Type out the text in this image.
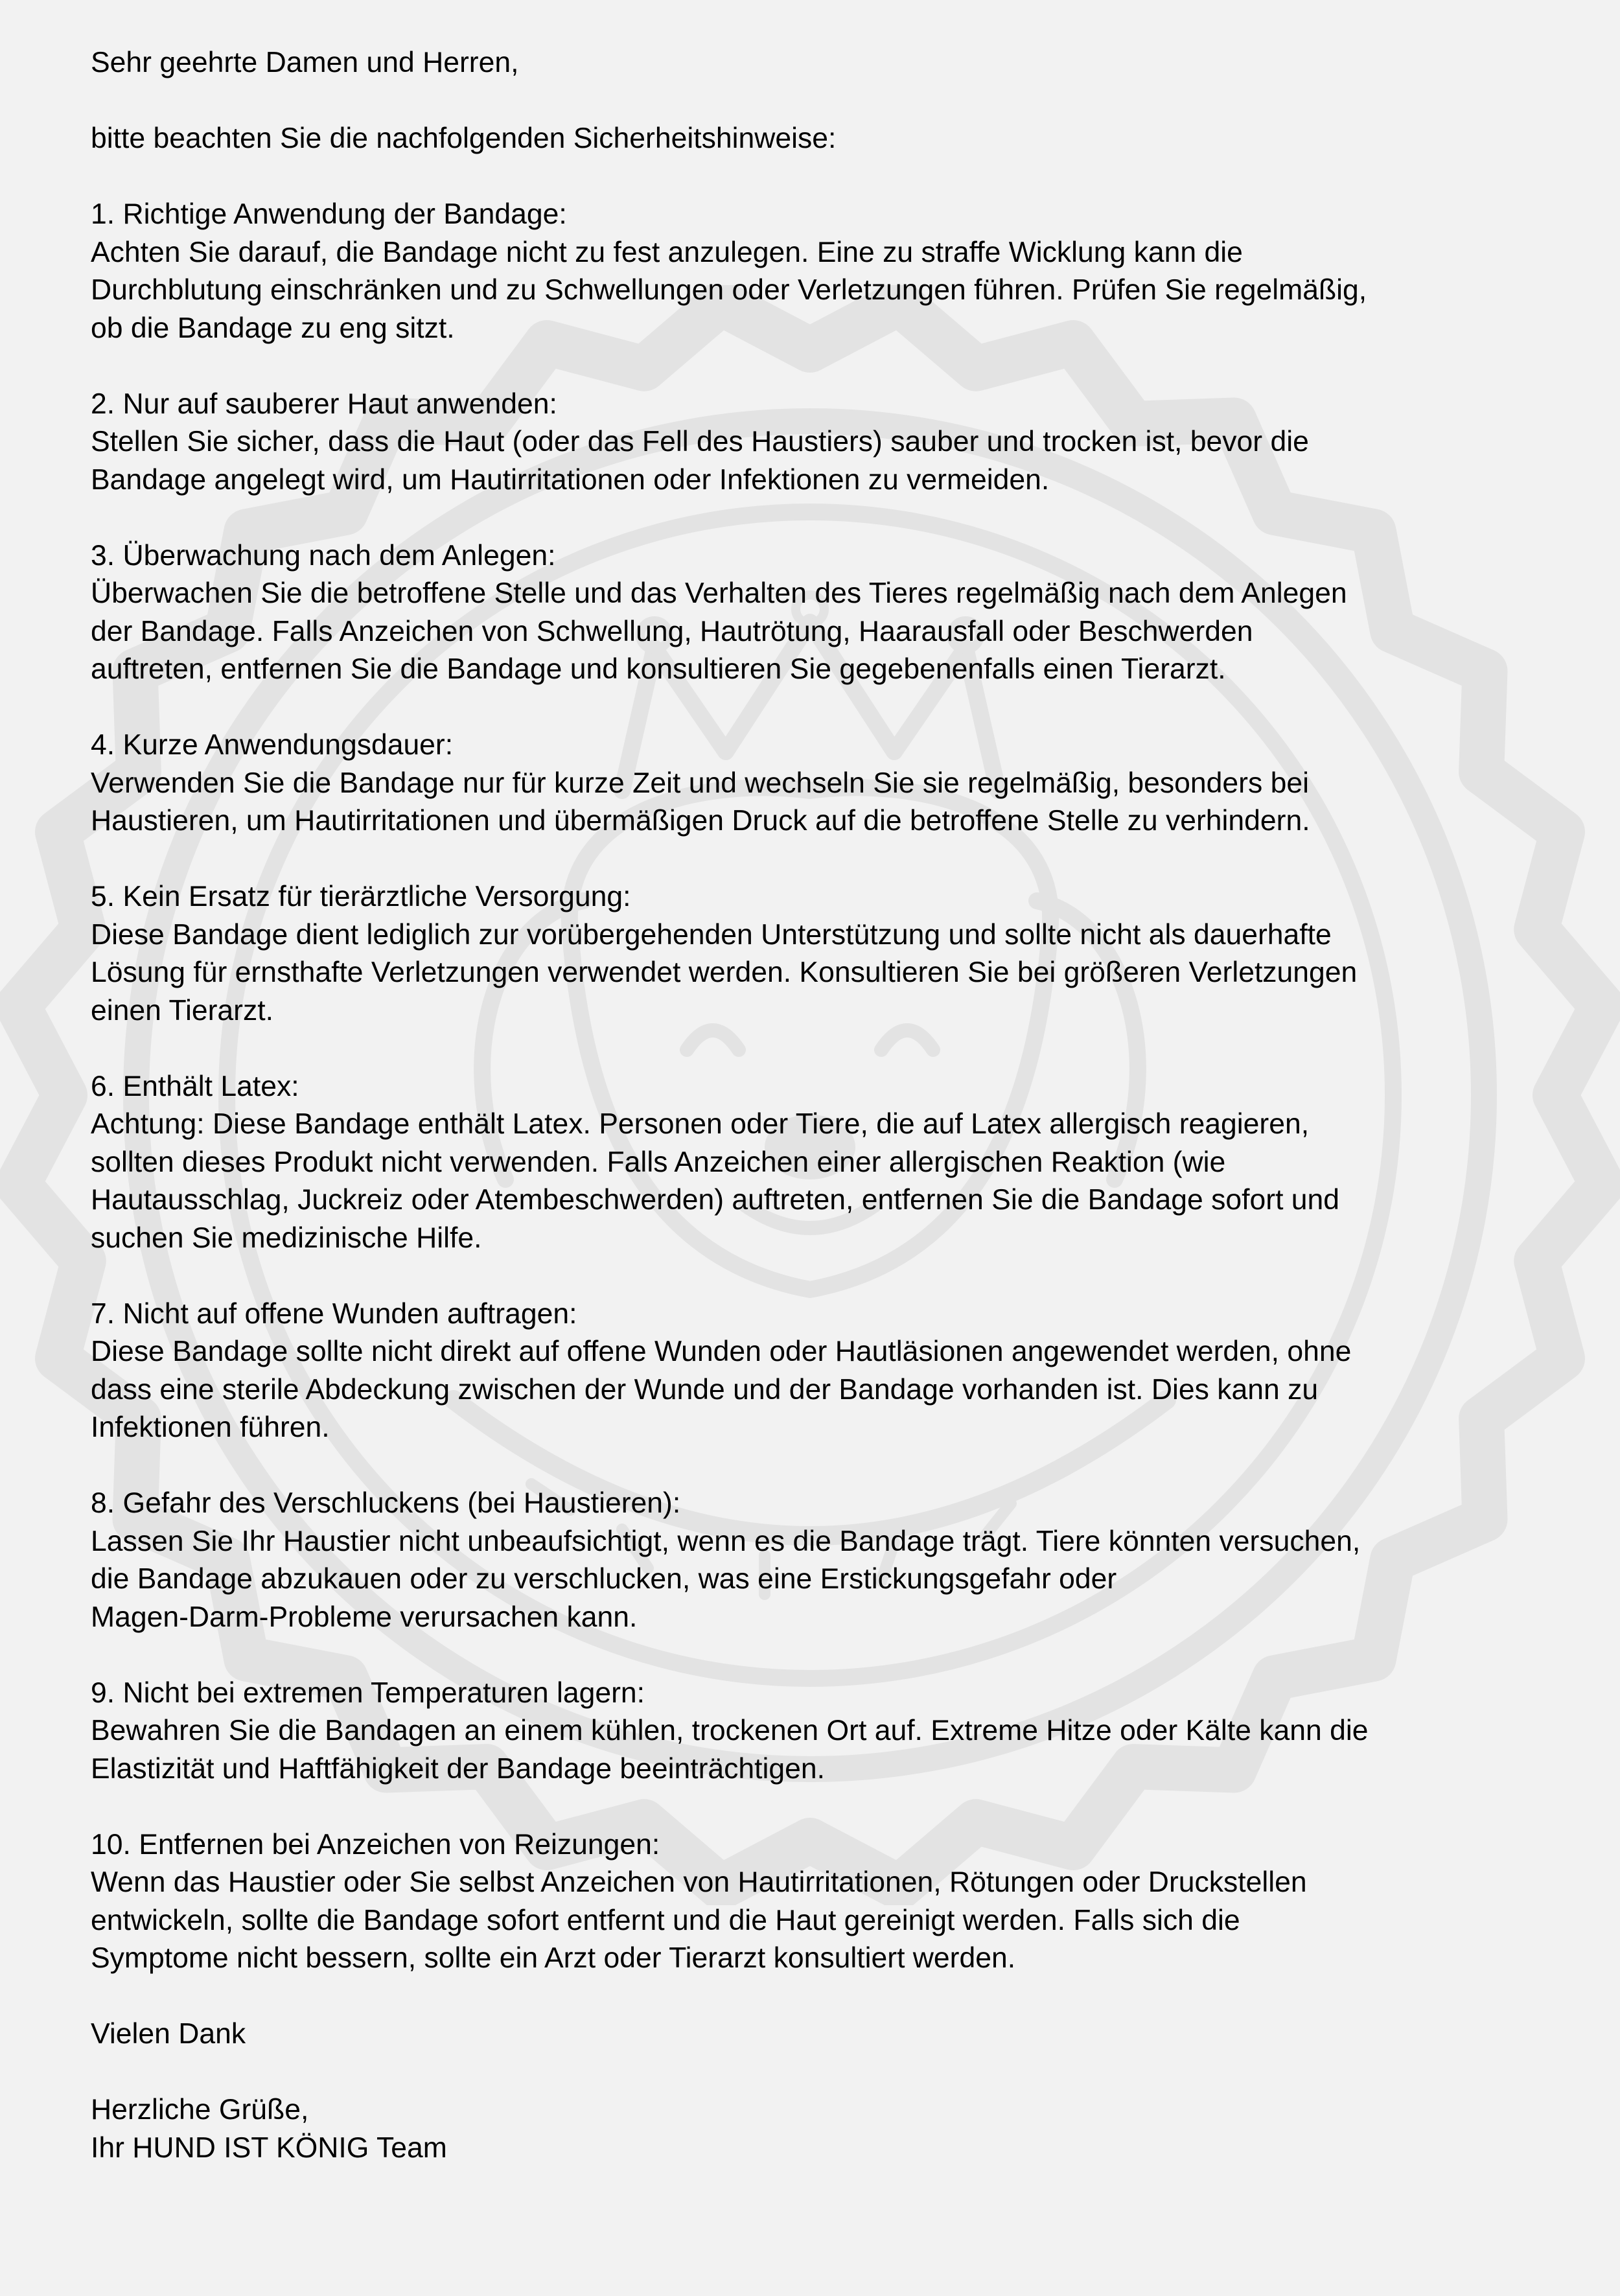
Sehr geehrte Damen und Herren,

bitte beachten Sie die nachfolgenden Sicherheitshinweise:

1. Richtige Anwendung der Bandage:
Achten Sie darauf, die Bandage nicht zu fest anzulegen. Eine zu straffe Wicklung kann die
Durchblutung einschränken und zu Schwellungen oder Verletzungen führen. Prüfen Sie regelmäßig,
ob die Bandage zu eng sitzt.
2. Nur auf sauberer Haut anwenden:
Stellen Sie sicher, dass die Haut (oder das Fell des Haustiers) sauber und trocken ist, bevor die
Bandage angelegt wird, um Hautirritationen oder Infektionen zu vermeiden.
3. Überwachung nach dem Anlegen:
Überwachen Sie die betroffene Stelle und das Verhalten des Tieres regelmäßig nach dem Anlegen
der Bandage. Falls Anzeichen von Schwellung, Hautrötung, Haarausfall oder Beschwerden
auftreten, entfernen Sie die Bandage und konsultieren Sie gegebenenfalls einen Tierarzt.
4. Kurze Anwendungsdauer:
Verwenden Sie die Bandage nur für kurze Zeit und wechseln Sie sie regelmäßig, besonders bei
Haustieren, um Hautirritationen und übermäßigen Druck auf die betroffene Stelle zu verhindern.
5. Kein Ersatz für tierärztliche Versorgung:
Diese Bandage dient lediglich zur vorübergehenden Unterstützung und sollte nicht als dauerhafte
Lösung für ernsthafte Verletzungen verwendet werden. Konsultieren Sie bei größeren Verletzungen
einen Tierarzt.
6. Enthält Latex:
Achtung: Diese Bandage enthält Latex. Personen oder Tiere, die auf Latex allergisch reagieren,
sollten dieses Produkt nicht verwenden. Falls Anzeichen einer allergischen Reaktion (wie
Hautausschlag, Juckreiz oder Atembeschwerden) auftreten, entfernen Sie die Bandage sofort und
suchen Sie medizinische Hilfe.
7. Nicht auf offene Wunden auftragen:
Diese Bandage sollte nicht direkt auf offene Wunden oder Hautläsionen angewendet werden, ohne
dass eine sterile Abdeckung zwischen der Wunde und der Bandage vorhanden ist. Dies kann zu
Infektionen führen.
8. Gefahr des Verschluckens (bei Haustieren):
Lassen Sie Ihr Haustier nicht unbeaufsichtigt, wenn es die Bandage trägt. Tiere könnten versuchen,
die Bandage abzukauen oder zu verschlucken, was eine Erstickungsgefahr oder
Magen-Darm-Probleme verursachen kann.
9. Nicht bei extremen Temperaturen lagern:
Bewahren Sie die Bandagen an einem kühlen, trockenen Ort auf. Extreme Hitze oder Kälte kann die
Elastizität und Haftfähigkeit der Bandage beeinträchtigen.
10. Entfernen bei Anzeichen von Reizungen:
Wenn das Haustier oder Sie selbst Anzeichen von Hautirritationen, Rötungen oder Druckstellen
entwickeln, sollte die Bandage sofort entfernt und die Haut gereinigt werden. Falls sich die
Symptome nicht bessern, sollte ein Arzt oder Tierarzt konsultiert werden.

Vielen Dank

Herzliche Grüße,

Ihr HUND IST KÖNIG Team
